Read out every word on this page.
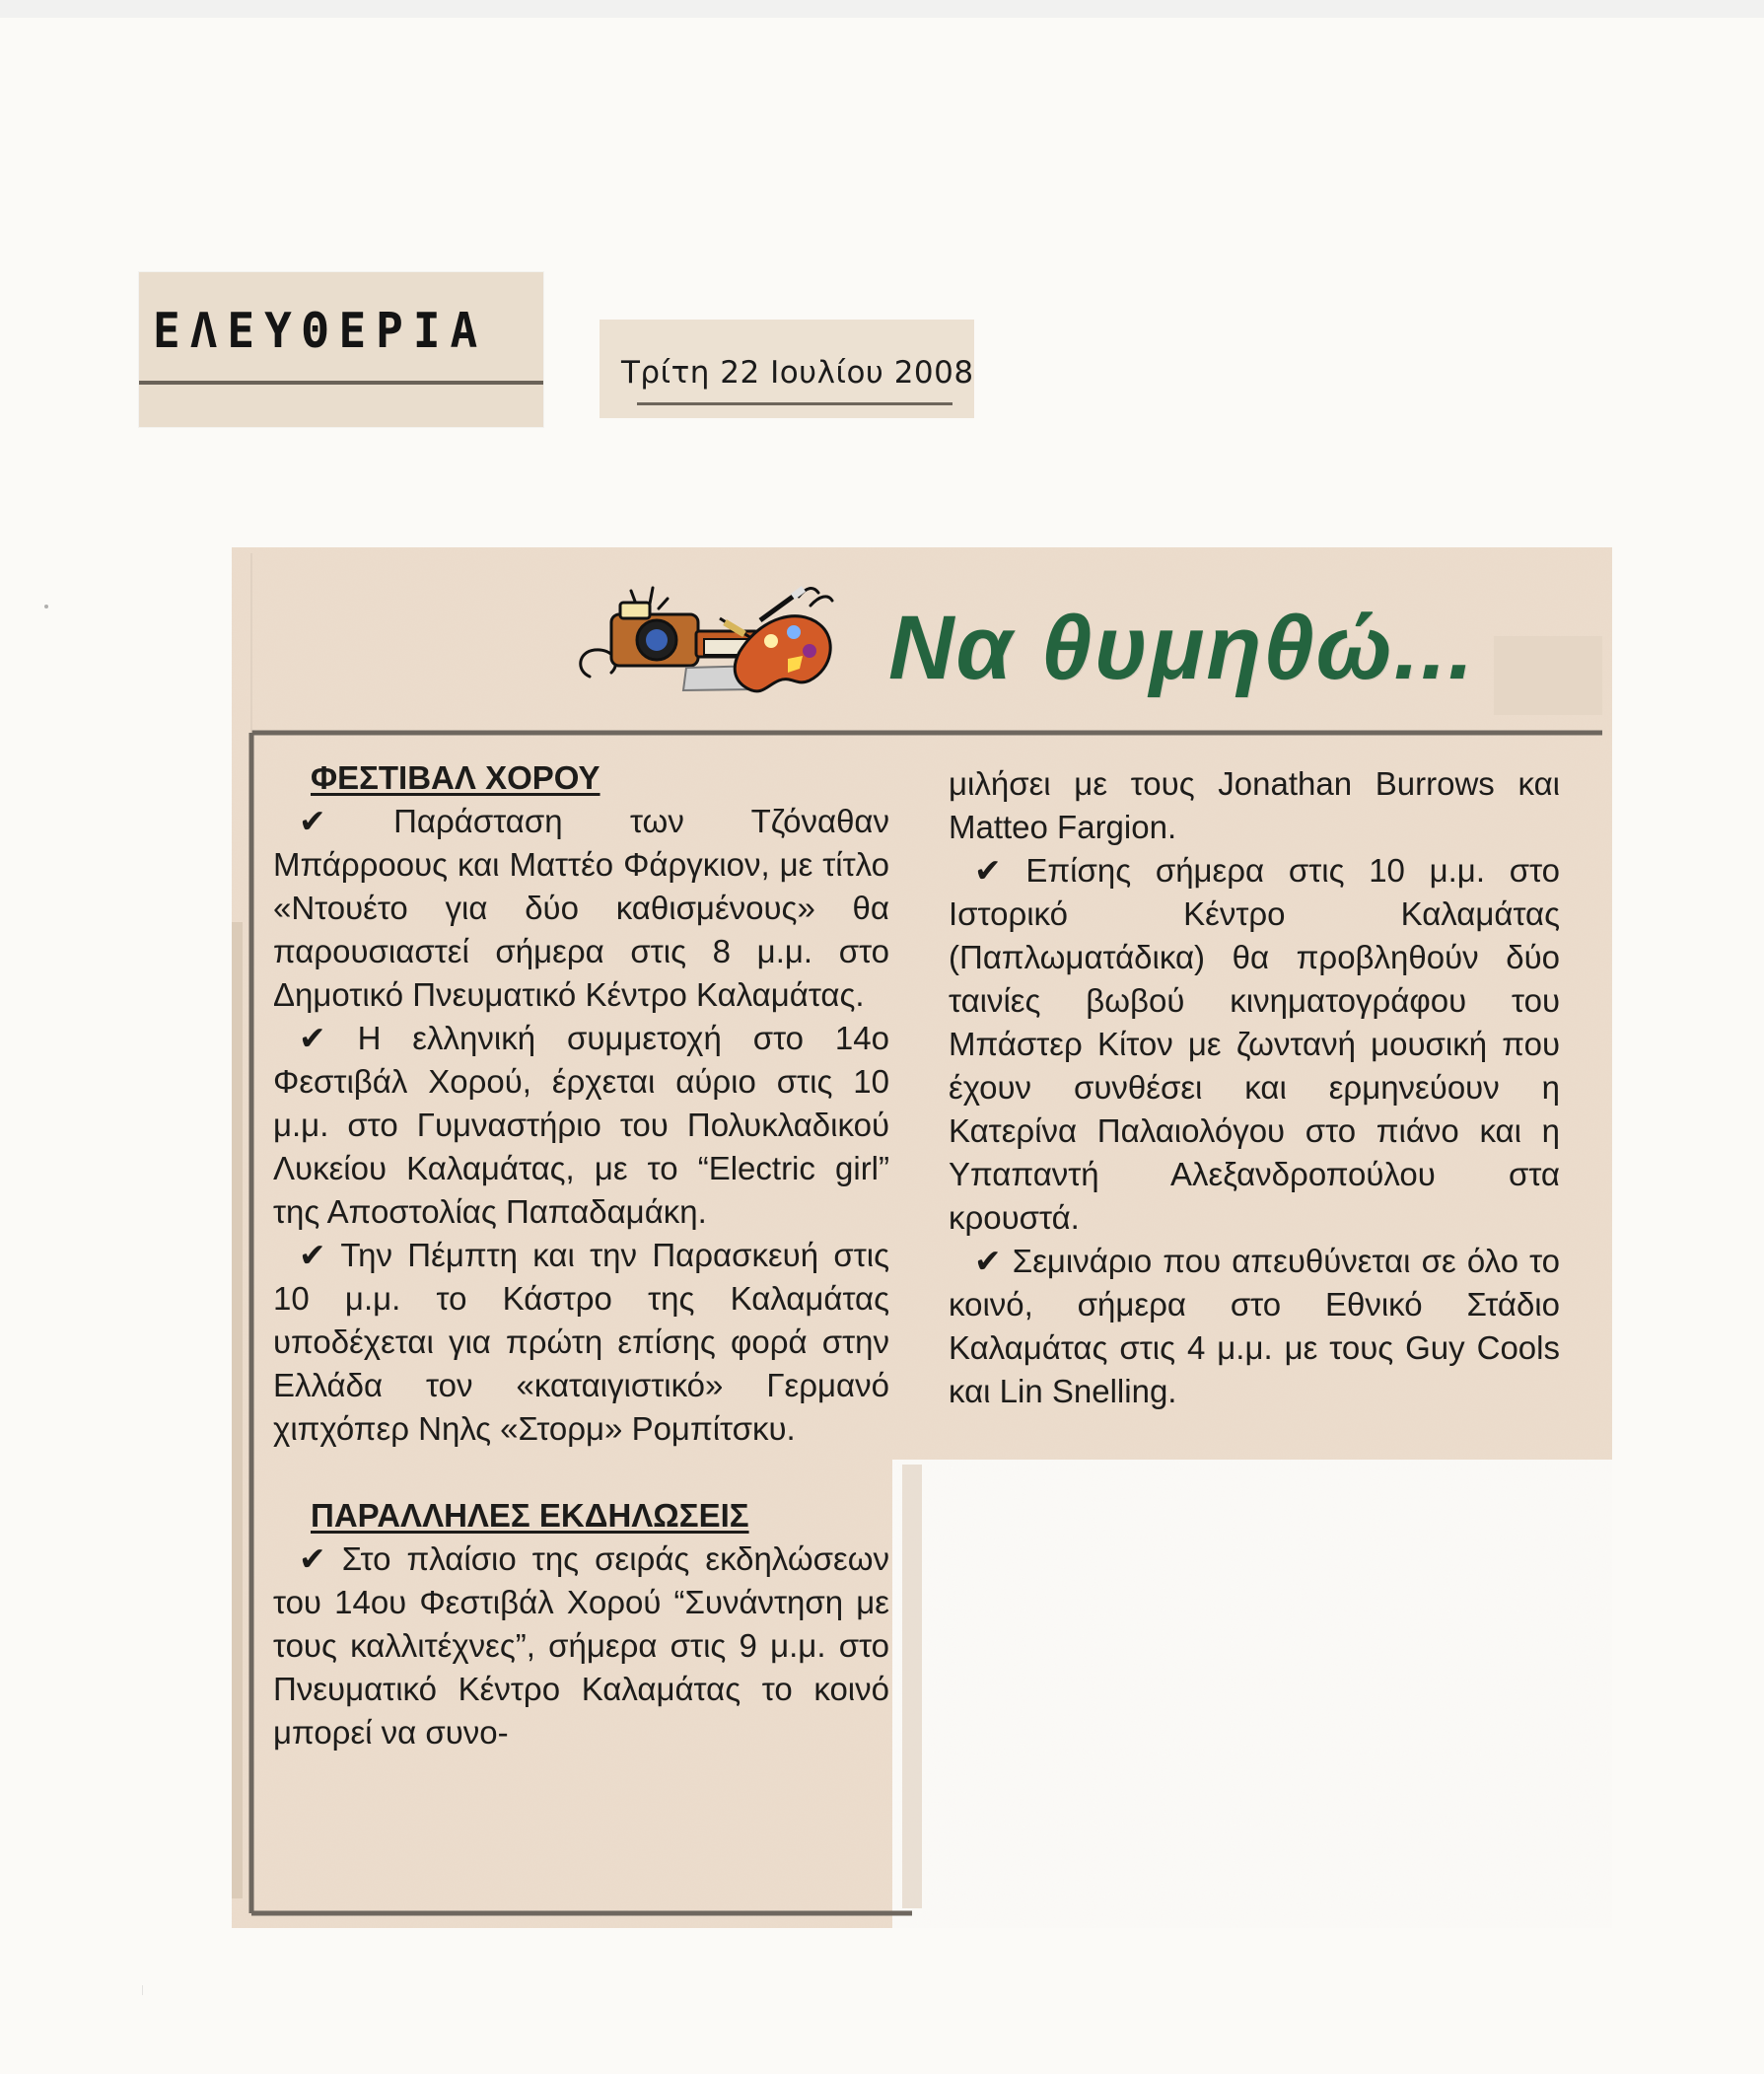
ΕΛΕΥΘΕΡΙΑ
Τρίτη 22 Ιουλίου 2008
Να θυμηθώ...
ΦΕΣΤΙΒΑΛ ΧΟΡΟΥ

✔ Παράσταση των Τζόναθαν Μπάρροους και Ματτέο Φάργκιον, με τίτλο «Ντουέτο για δύο καθισμένους» θα παρουσιαστεί σήμερα στις 8 μ.μ. στο Δημοτικό Πνευματικό Κέντρο Καλαμάτας.

✔ Η ελληνική συμμετοχή στο 14ο Φεστιβάλ Χορού, έρχεται αύριο στις 10 μ.μ. στο Γυμναστήριο του Πολυκλαδικού Λυκείου Καλαμάτας, με το “Electric girl” της Αποστολίας Παπαδαμάκη.

✔ Την Πέμπτη και την Παρασκευή στις 10 μ.μ. το Κάστρο της Καλαμάτας υποδέχεται για πρώτη επίσης φορά στην Ελλάδα τον «καταιγιστικό» Γερμανό χιπχόπερ Νηλς «Στορμ» Ρομπίτσκυ.

ΠΑΡΑΛΛΗΛΕΣ ΕΚΔΗΛΩΣΕΙΣ

✔ Στο πλαίσιο της σειράς εκδηλώσεων του 14ου Φεστιβάλ Χορού “Συνάντηση με τους καλλιτέχνες”, σήμερα στις 9 μ.μ. στο Πνευματικό Κέντρο Καλαμάτας το κοινό μπορεί να συνο-

μιλήσει με τους Jonathan Burrows και Matteo Fargion.

✔ Επίσης σήμερα στις 10 μ.μ. στο Ιστορικό Κέντρο Καλαμάτας (Παπλωματάδικα) θα προβληθούν δύο ταινίες βωβού κινηματογράφου του Μπάστερ Κίτον με ζωντανή μουσική που έχουν συνθέσει και ερμηνεύουν η Κατερίνα Παλαιολόγου στο πιάνο και η Υπαπαντή Αλεξανδροπούλου στα κρουστά.

✔ Σεμινάριο που απευθύνεται σε όλο το κοινό, σήμερα στο Εθνικό Στάδιο Καλαμάτας στις 4 μ.μ. με τους Guy Cools και Lin Snelling.
